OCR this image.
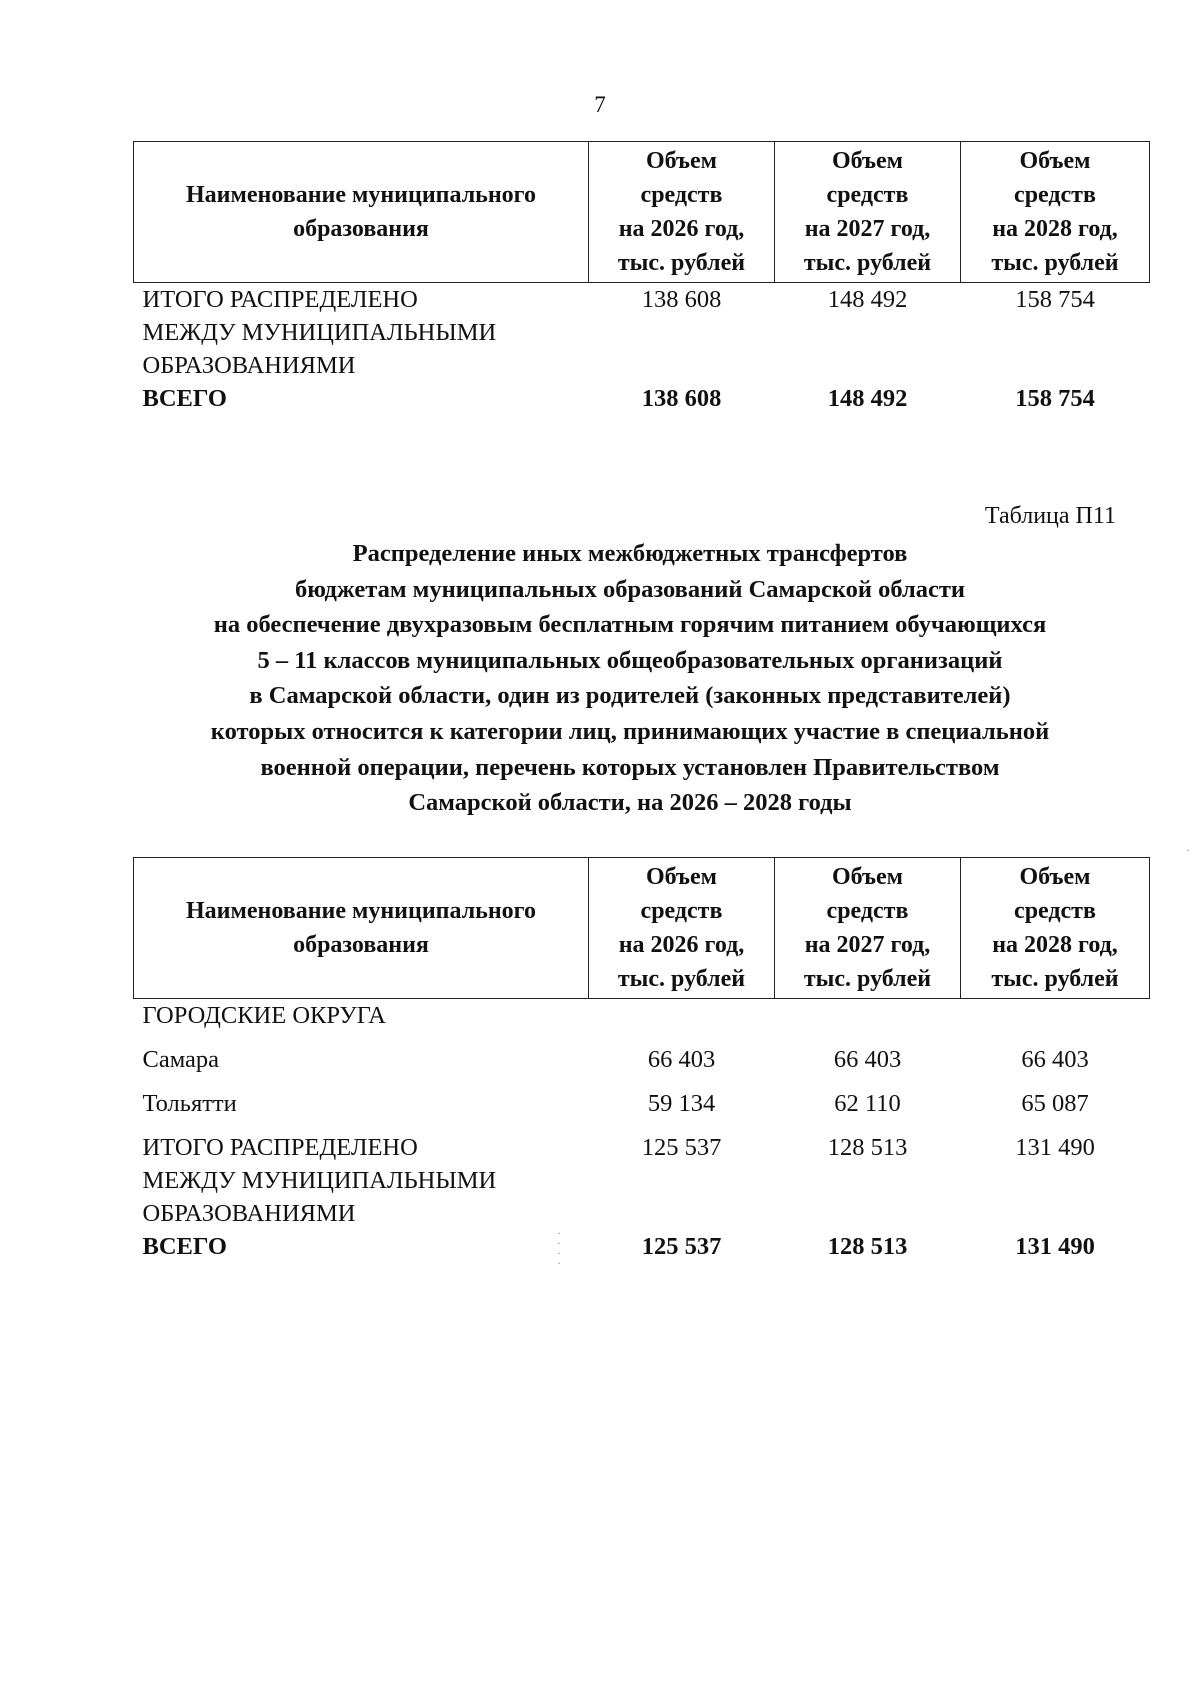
7
Наименование муниципального образования	Объем
средств
на 2026 год,
тыс. рублей	Объем
средств
на 2027 год,
тыс. рублей	Объем
средств
на 2028 год,
тыс. рублей

ИТОГО РАСПРЕДЕЛЕНО
МЕЖДУ МУНИЦИПАЛЬНЫМИ
ОБРАЗОВАНИЯМИ	138 608	148 492	158 754
ВСЕГО	138 608	148 492	158 754
Таблица П11
Распределение иных межбюджетных трансфертов
бюджетам муниципальных образований Самарской области
на обеспечение двухразовым бесплатным горячим питанием обучающихся
5 – 11 классов муниципальных общеобразовательных организаций
в Самарской области, один из родителей (законных представителей)
которых относится к категории лиц, принимающих участие в специальной
военной операции, перечень которых установлен Правительством
Самарской области, на 2026 – 2028 годы
Наименование муниципального образования	Объем
средств
на 2026 год,
тыс. рублей	Объем
средств
на 2027 год,
тыс. рублей	Объем
средств
на 2028 год,
тыс. рублей
ГОРОДСКИЕ ОКРУГА			
Самара	66 403	66 403	66 403
Тольятти	59 134	62 110	65 087

ИТОГО РАСПРЕДЕЛЕНО
МЕЖДУ МУНИЦИПАЛЬНЫМИ
ОБРАЗОВАНИЯМИ	125 537	128 513	131 490
ВСЕГО	125 537	128 513	131 490
·
·
·
·
·
